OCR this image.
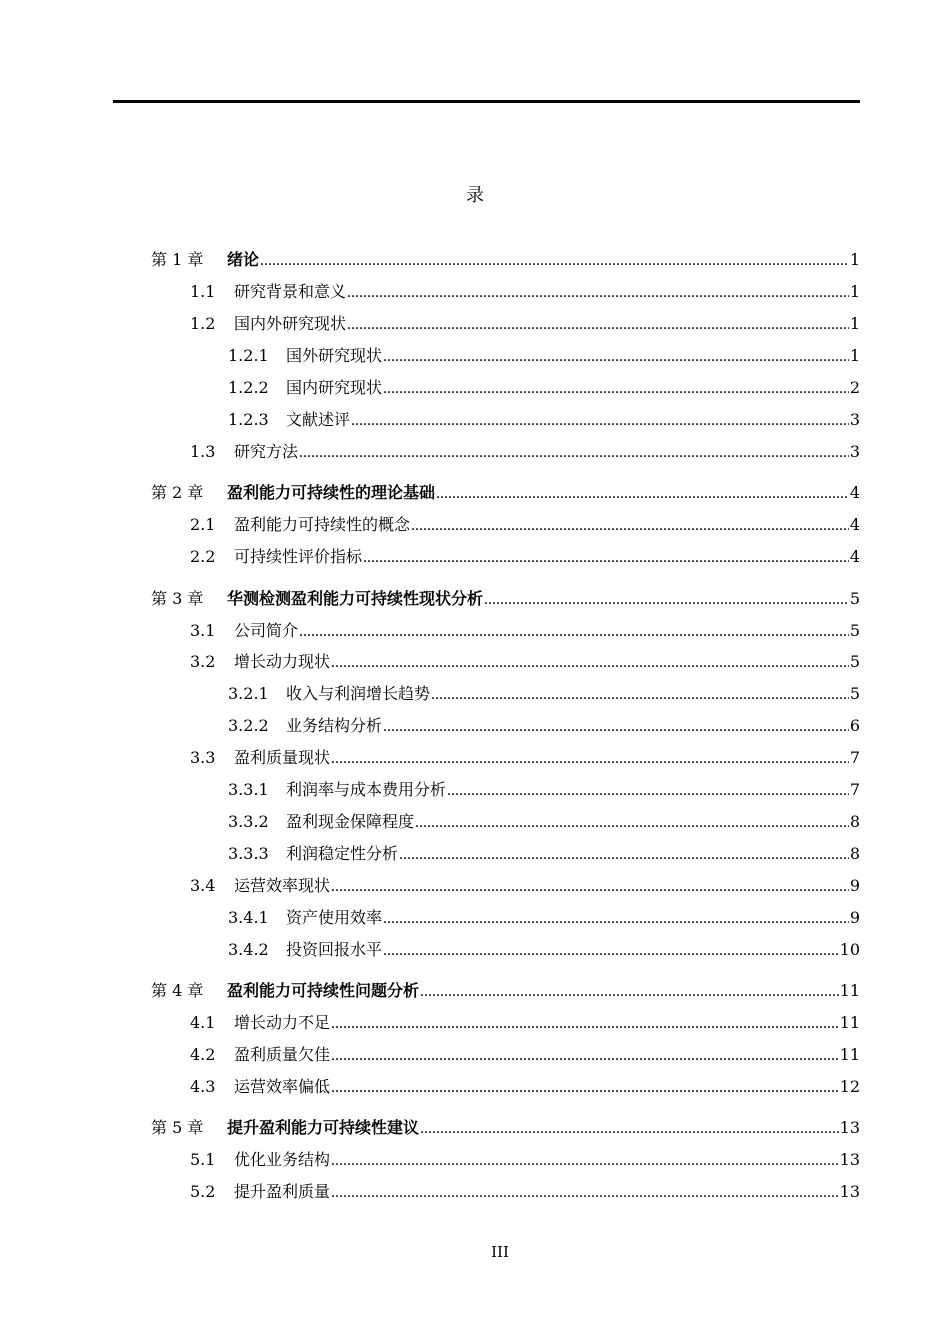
录
第 1 章	绪论 .....	1
1.1	研究背景和意义 .....	1
1.2	国内外研究现状 .....	1
1.2.1	国外研究现状 .....	1
1.2.2	国内研究现状 .....	2
1.2.3	文献述评 .....	3
1.3	研究方法 .....	3
第 2 章	盈利能力可持续性的理论基础 .....	4
2.1	盈利能力可持续性的概念 .....	4
2.2	可持续性评价指标 .....	4
第 3 章	华测检测盈利能力可持续性现状分析 .....	5
3.1	公司简介 .....	5
3.2	增长动力现状 .....	5
3.2.1	收入与利润增长趋势 .....	5
3.2.2	业务结构分析 .....	6
3.3	盈利质量现状 .....	7
3.3.1	利润率与成本费用分析 .....	7
3.3.2	盈利现金保障程度 .....	8
3.3.3	利润稳定性分析 .....	8
3.4	运营效率现状 .....	9
3.4.1	资产使用效率 .....	9
3.4.2	投资回报水平 .....	10
第 4 章	盈利能力可持续性问题分析 .....	11
4.1	增长动力不足 .....	11
4.2	盈利质量欠佳 .....	11
4.3	运营效率偏低 .....	12
第 5 章	提升盈利能力可持续性建议 .....	13
5.1	优化业务结构 .....	13
5.2	提升盈利质量 .....	13
III
